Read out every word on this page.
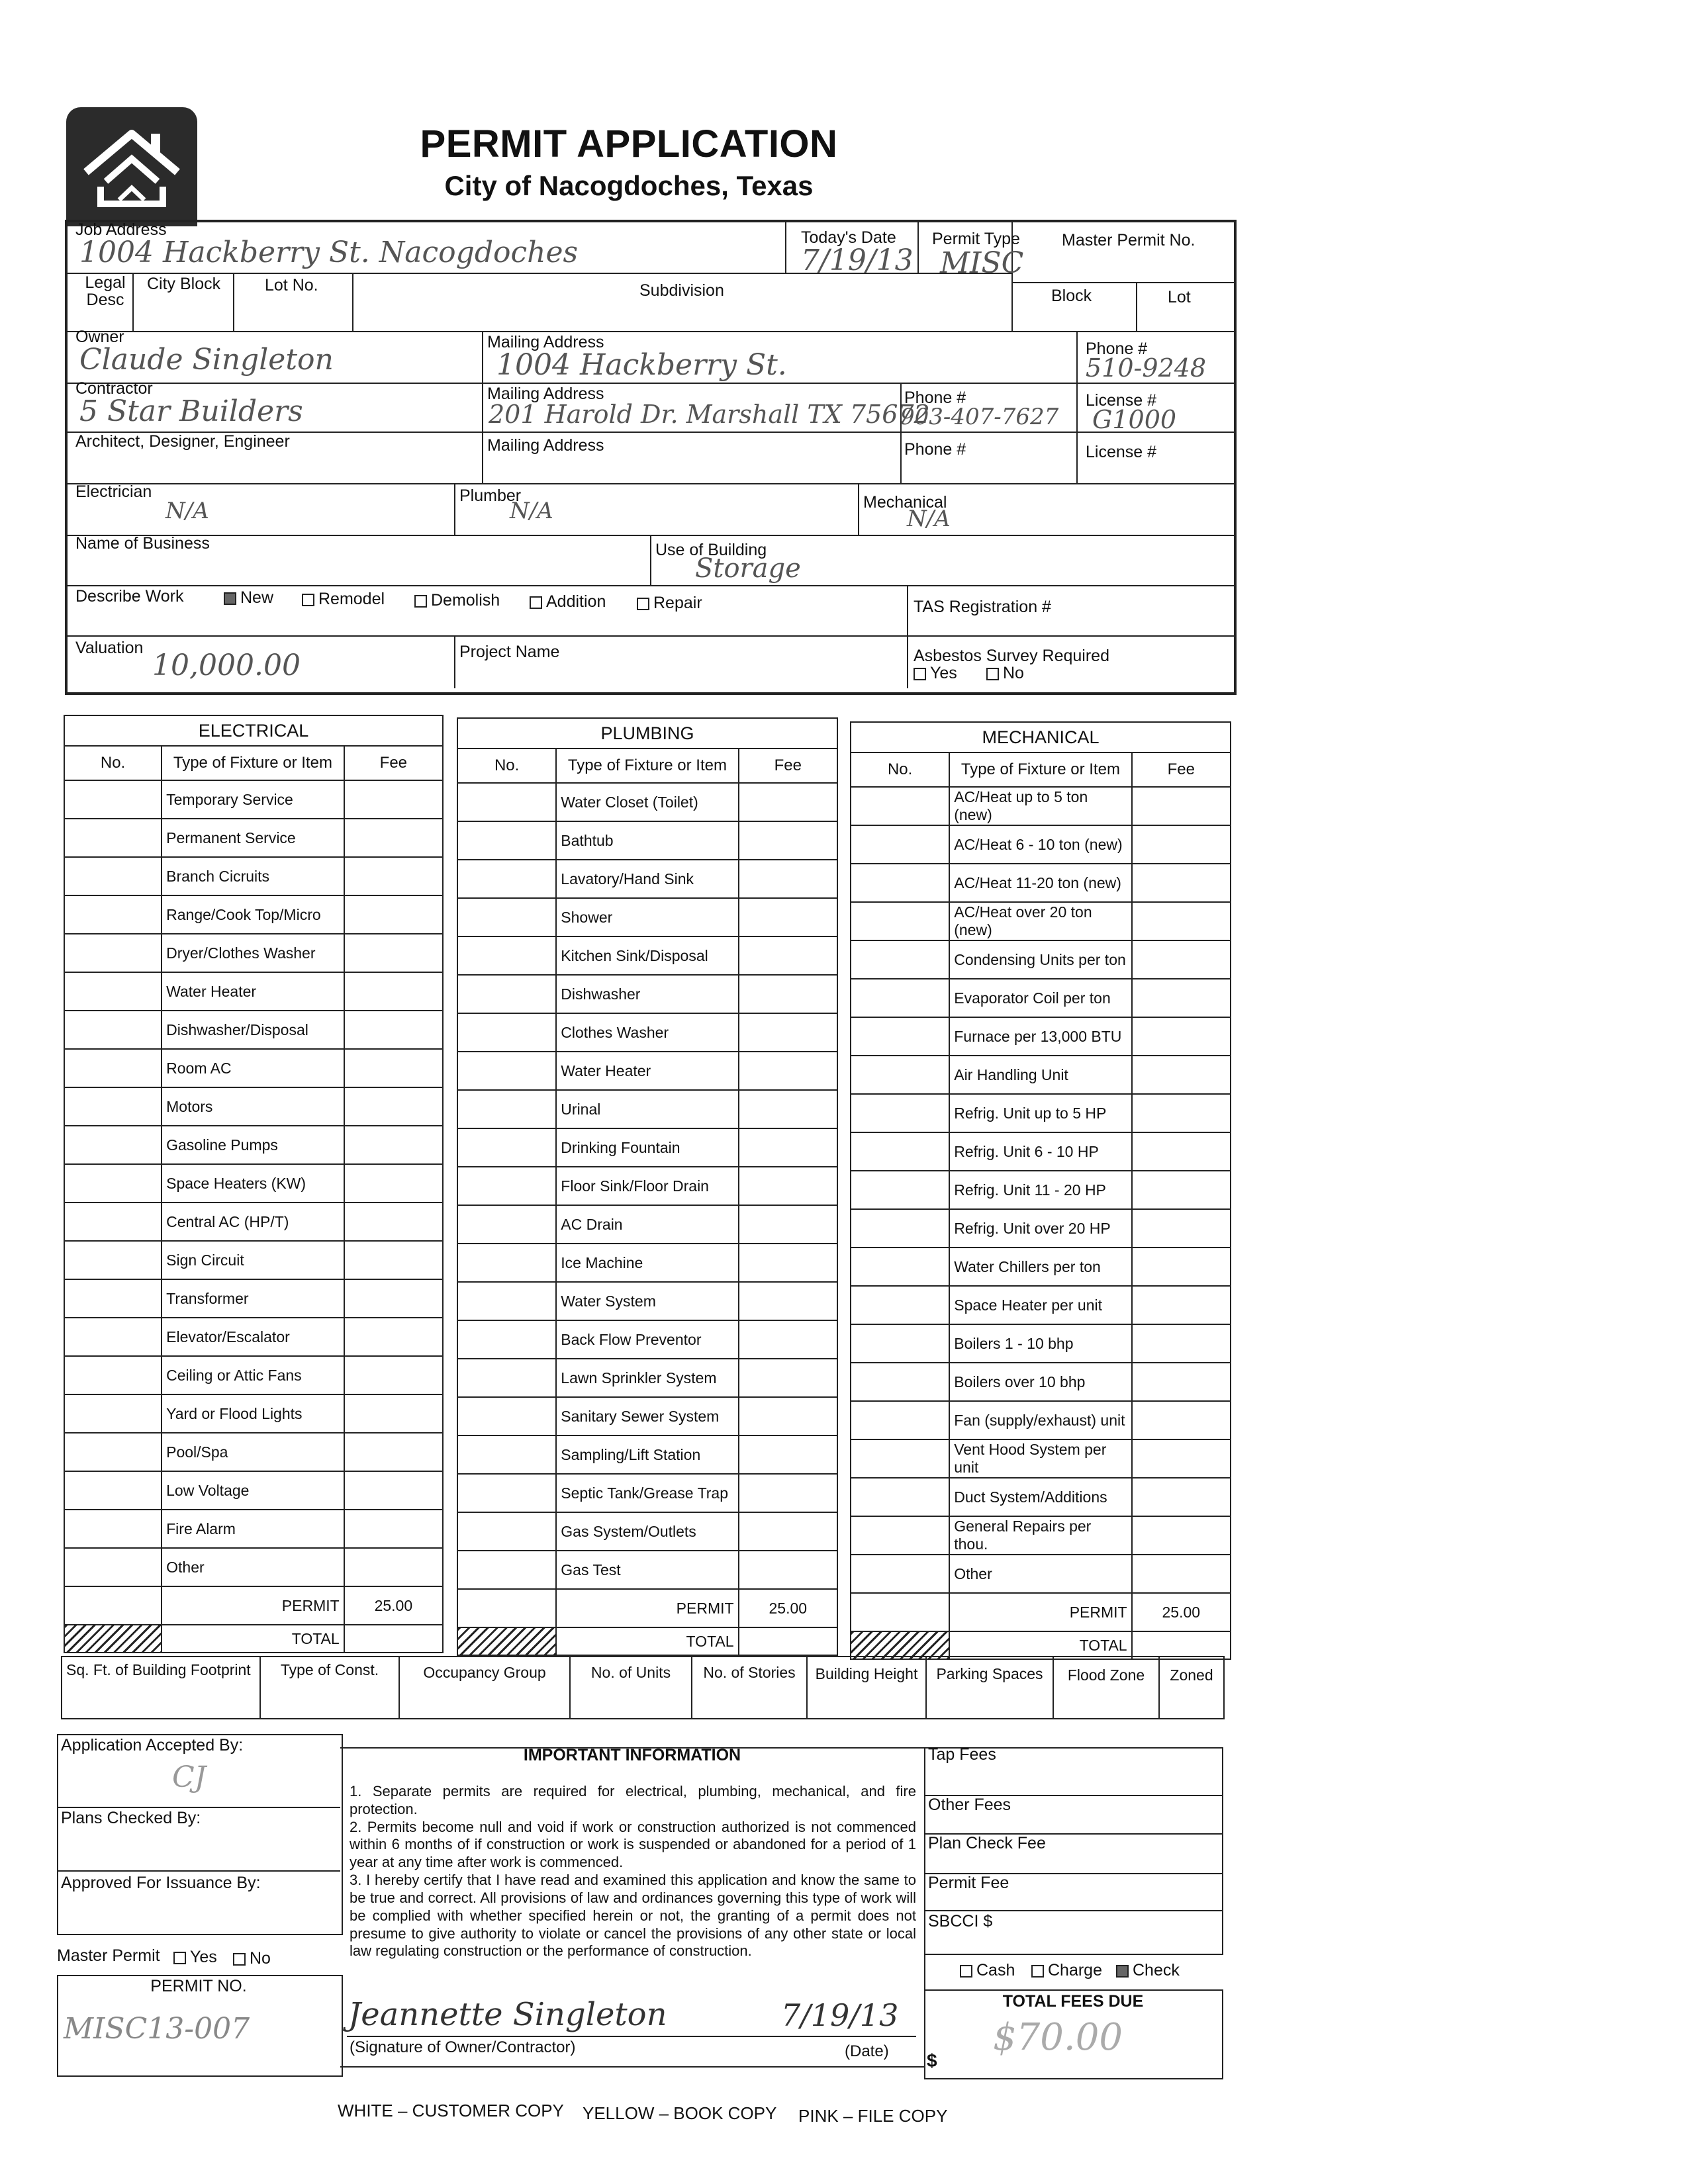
PERMIT APPLICATION
City of Nacogdoches, Texas
Job Address
1004 Hackberry St. Nacogdoches	Today's Date
7/19/13
Permit Type
MISC
Master Permit No.
Legal Desc
City Block	Lot No.	Subdivision	Block	Lot
Owner
Claude Singleton
Mailing Address
1004 Hackberry St.	Phone #
510-9248
Contractor
5 Star Builders
Mailing Address
201 Harold Dr. Marshall TX 75672
Phone #
903-407-7627
License #
G1000
Architect, Designer, Engineer	Mailing Address	Phone #	License #
Electrician
N/A
Plumber
N/A	Mechanical
N/A
Name of Business	Use of Building
Storage
Describe Work	New	Remodel	Demolish	Addition	Repair	TAS Registration #
Valuation
10,000.00	Project Name	Asbestos Survey Required
Yes	No
ELECTRICAL		
No.	Type of Fixture or Item	Fee
	Temporary Service	
	Permanent Service	
	Branch Cicruits	
	Range/Cook Top/Micro	
	Dryer/Clothes Washer	
	Water Heater	
	Dishwasher/Disposal	
	Room AC	
	Motors	
	Gasoline Pumps	
	Space Heaters (KW)	
	Central AC (HP/T)	
	Sign Circuit	
	Transformer	
	Elevator/Escalator	
	Ceiling or Attic Fans	
	Yard or Flood Lights	
	Pool/Spa	
	Low Voltage	
	Fire Alarm	
	Other	
	PERMIT	25.00
	TOTAL	
PLUMBING		
No.	Type of Fixture or Item	Fee
	Water Closet (Toilet)	
	Bathtub	
	Lavatory/Hand Sink	
	Shower	
	Kitchen Sink/Disposal	
	Dishwasher	
	Clothes Washer	
	Water Heater	
	Urinal	
	Drinking Fountain	
	Floor Sink/Floor Drain	
	AC Drain	
	Ice Machine	
	Water System	
	Back Flow Preventor	
	Lawn Sprinkler System	
	Sanitary Sewer System	
	Sampling/Lift Station	
	Septic Tank/Grease Trap	
	Gas System/Outlets	
	Gas Test	
	PERMIT	25.00
	TOTAL	
MECHANICAL		
No.	Type of Fixture or Item	Fee
	AC/Heat up to 5 ton (new)	
	AC/Heat 6 - 10 ton (new)	
	AC/Heat 11-20 ton (new)	
	AC/Heat over 20 ton (new)	
	Condensing Units per ton	
	Evaporator Coil per ton	
	Furnace per 13,000 BTU	
	Air Handling Unit	
	Refrig. Unit up to 5 HP	
	Refrig. Unit 6 - 10 HP	
	Refrig. Unit 11 - 20 HP	
	Refrig. Unit over 20 HP	
	Water Chillers per ton	
	Space Heater per unit	
	Boilers 1 - 10 bhp	
	Boilers over 10 bhp	
	Fan (supply/exhaust) unit	
	Vent Hood System per unit	
	Duct System/Additions	
	General Repairs per thou.	
	Other	
	PERMIT	25.00
	TOTAL	
Sq. Ft. of Building Footprint	Type of Const.	Occupancy Group	No. of Units	No. of Stories	Building Height	Parking Spaces	Flood Zone	Zoned
Application Accepted By:
CJ
Plans Checked By:
Approved For Issuance By:
Master Permit	Yes	No
PERMIT NO.
MISC13-007
IMPORTANT INFORMATION
1. Separate permits are required for electrical, plumbing, mechanical, and fire protection.
2. Permits become null and void if work or construction authorized is not commenced within 6 months of if construction or work is suspended or abandoned for a period of 1 year at any time after work is commenced.
3. I hereby certify that I have read and examined this application and know the same to be true and correct. All provisions of law and ordinances governing this type of work will be complied with whether specified herein or not, the granting of a permit does not presume to give authority to violate or cancel the provisions of any other state or local law regulating construction or the performance of construction.
Jeannette Singleton	7/19/13
(Signature of Owner/Contractor)	(Date)
Tap Fees
Other Fees
Plan Check Fee
Permit Fee
SBCCI $
Cash	Charge	Check
TOTAL FEES DUE
$
$70.00
WHITE – CUSTOMER COPY YELLOW – BOOK COPY PINK – FILE COPY
